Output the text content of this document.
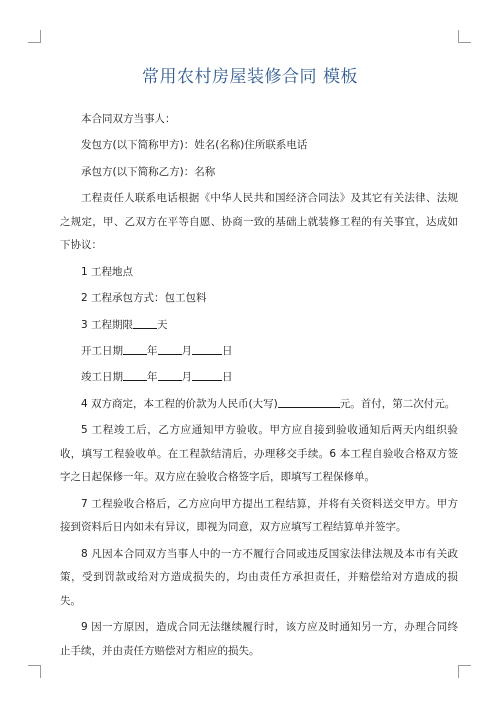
常用农村房屋装修合同 模板

本合同双方当事人：

发包方(以下简称甲方)：姓名(名称)住所联系电话

承包方(以下简称乙方)：名称

工程责任人联系电话根据《中华人民共和国经济合同法》及其它有关法律、法规之规定，甲、乙双方在平等自愿、协商一致的基础上就装修工程的有关事宜，达成如下协议：

1 工程地点

2 工程承包方式：包工包料

3 工程期限 天

开工日期 年 月	日

竣工日期 年 月	日

4 双方商定，本工程的价款为人民币(大写)	元。首付，第二次付元。

5 工程竣工后，乙方应通知甲方验收。甲方应自接到验收通知后两天内组织验收，填写工程验收单。在工程款结清后，办理移交手续。6 本工程自验收合格双方签字之日起保修一年。双方应在验收合格签字后，即填写工程保修单。

7 工程验收合格后，乙方应向甲方提出工程结算，并将有关资料送交甲方。甲方接到资料后日内如未有异议，即视为同意，双方应填写工程结算单并签字。

8 凡因本合同双方当事人中的一方不履行合同或违反国家法律法规及本市有关政策，受到罚款或给对方造成损失的，均由责任方承担责任，并赔偿给对方造成的损失。

9 因一方原因，造成合同无法继续履行时，该方应及时通知另一方，办理合同终止手续，并由责任方赔偿对方相应的损失。
